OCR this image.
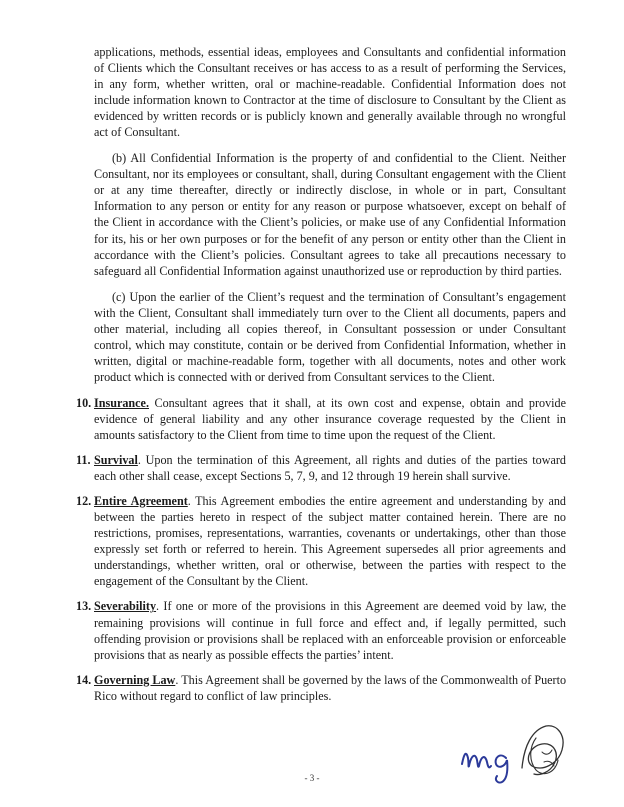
applications, methods, essential ideas, employees and Consultants and confidential information of Clients which the Consultant receives or has access to as a result of performing the Services, in any form, whether written, oral or machine-readable. Confidential Information does not include information known to Contractor at the time of disclosure to Consultant by the Client as evidenced by written records or is publicly known and generally available through no wrongful act of Consultant.

(b) All Confidential Information is the property of and confidential to the Client. Neither Consultant, nor its employees or consultant, shall, during Consultant engagement with the Client or at any time thereafter, directly or indirectly disclose, in whole or in part, Consultant Information to any person or entity for any reason or purpose whatsoever, except on behalf of the Client in accordance with the Client’s policies, or make use of any Confidential Information for its, his or her own purposes or for the benefit of any person or entity other than the Client in accordance with the Client’s policies. Consultant agrees to take all precautions necessary to safeguard all Confidential Information against unauthorized use or reproduction by third parties.

(c) Upon the earlier of the Client’s request and the termination of Consultant’s engagement with the Client, Consultant shall immediately turn over to the Client all documents, papers and other material, including all copies thereof, in Consultant possession or under Consultant control, which may constitute, contain or be derived from Confidential Information, whether in written, digital or machine-readable form, together with all documents, notes and other work product which is connected with or derived from Consultant services to the Client.

10. Insurance. Consultant agrees that it shall, at its own cost and expense, obtain and provide evidence of general liability and any other insurance coverage requested by the Client in amounts satisfactory to the Client from time to time upon the request of the Client.

11. Survival. Upon the termination of this Agreement, all rights and duties of the parties toward each other shall cease, except Sections 5, 7, 9, and 12 through 19 herein shall survive.

12. Entire Agreement. This Agreement embodies the entire agreement and understanding by and between the parties hereto in respect of the subject matter contained herein. There are no restrictions, promises, representations, warranties, covenants or undertakings, other than those expressly set forth or referred to herein. This Agreement supersedes all prior agreements and understandings, whether written, oral or otherwise, between the parties with respect to the engagement of the Consultant by the Client.

13. Severability. If one or more of the provisions in this Agreement are deemed void by law, the remaining provisions will continue in full force and effect and, if legally permitted, such offending provision or provisions shall be replaced with an enforceable provision or enforceable provisions that as nearly as possible effects the parties’ intent.

14. Governing Law. This Agreement shall be governed by the laws of the Commonwealth of Puerto Rico without regard to conflict of law principles.

- 3 -
